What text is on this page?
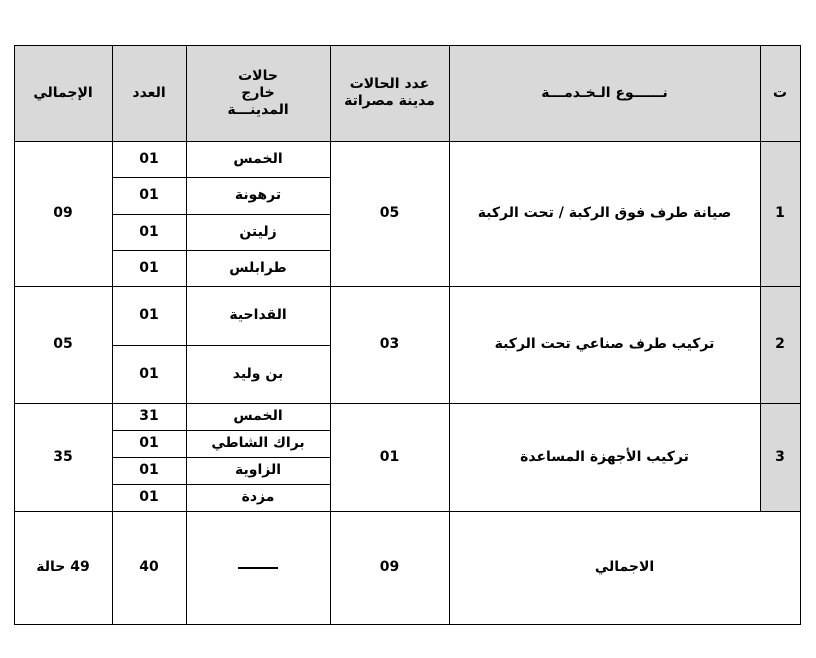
ت
نــــــوع الـخـدمـــة
عدد الحالات مدينة مصراتة
حالات خارج المدينـــة
العدد
الإجمالي
1
صيانة طرف فوق الركبة / تحت الركبة
05
09
الخمس
01
ترهونة
01
زليتن
01
طرابلس
01
2
تركيب طرف صناعي تحت الركبة
03
05
القداحية
01
بن وليد
01
3
تركيب الأجهزة المساعدة
01
35
الخمس
31
براك الشاطي
01
الزاوية
01
مزدة
01
الاجمالي
09
40
49 حالة
